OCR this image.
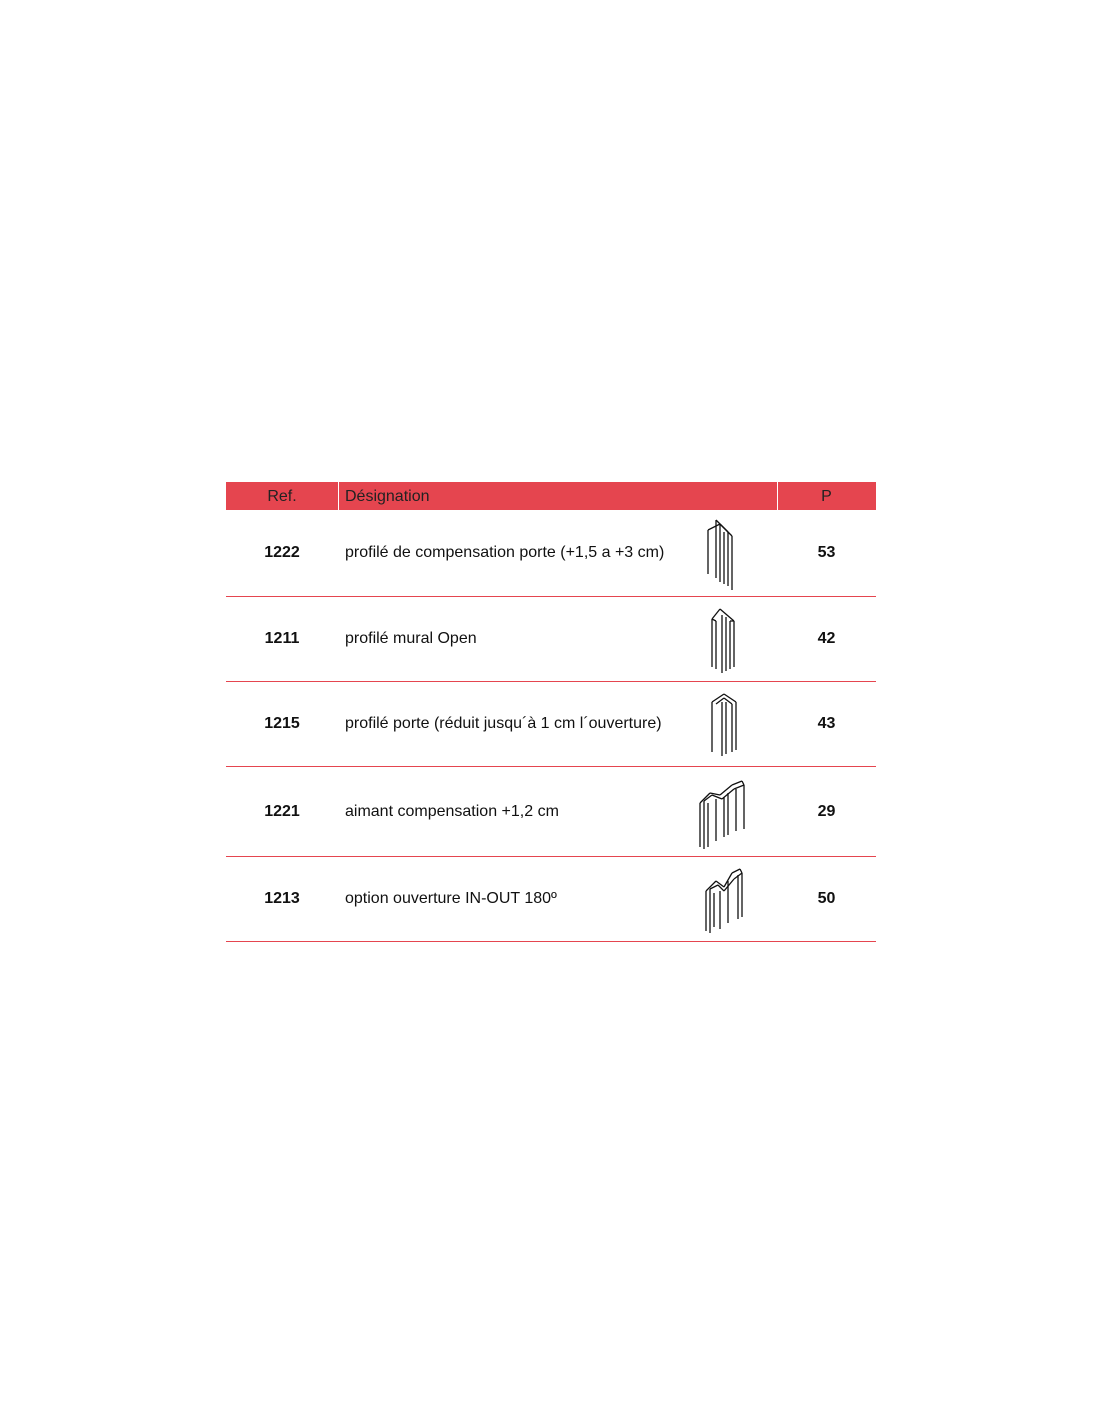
Ref.	Désignation	P
1222	profilé de compensation porte (+1,5 a +3 cm)	53
1211	profilé mural Open	42
1215	profilé porte (réduit jusqu´à 1 cm l´ouverture)	43
1221	aimant compensation +1,2 cm	29
1213	option ouverture IN-OUT 180º	50
